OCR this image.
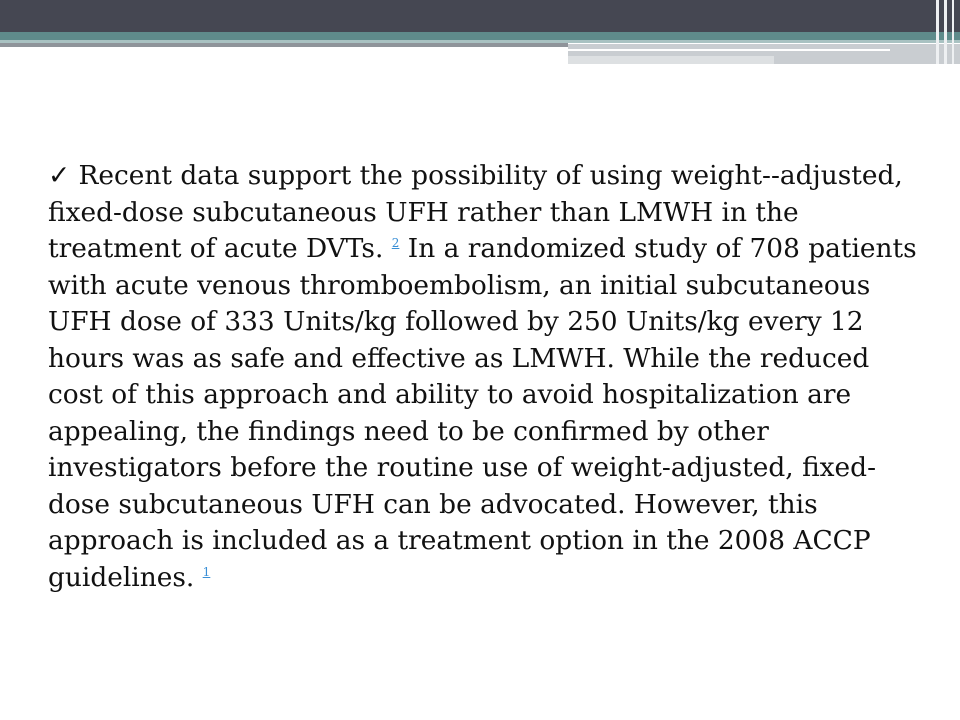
✓ Recent data support the possibility of using weight--adjusted, fixed-dose subcutaneous UFH rather than LMWH in the treatment of acute DVTs. $^2$ In a randomized study of 708 patients with acute venous thromboembolism, an initial subcutaneous UFH dose of 333 Units/kg followed by 250 Units/kg every 12 hours was as safe and effective as LMWH. While the reduced cost of this approach and ability to avoid hospitalization are appealing, the findings need to be confirmed by other investigators before the routine use of weight-adjusted, fixed-dose subcutaneous UFH can be advocated. However, this approach is included as a treatment option in the 2008 ACCP guidelines. $^1$
